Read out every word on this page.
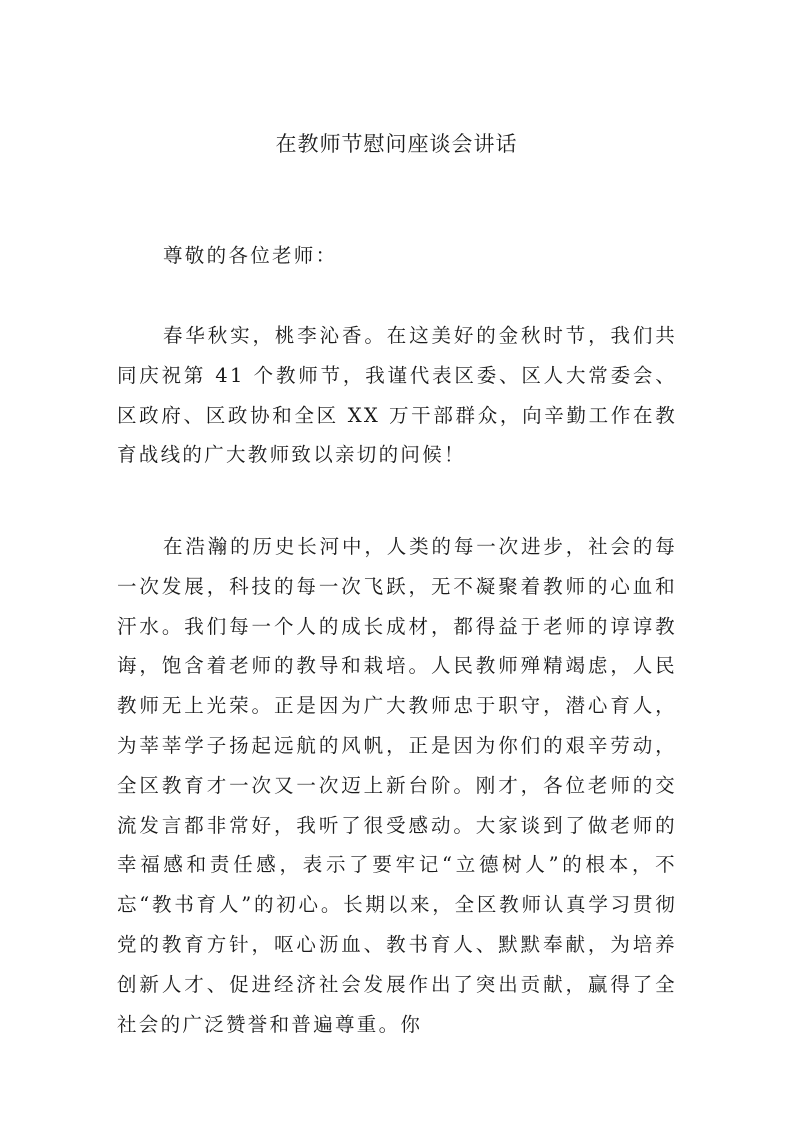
在教师节慰问座谈会讲话

尊敬的各位老师：

春华秋实，桃李沁香。在这美好的金秋时节，我们共同庆祝第 41 个教师节，我谨代表区委、区人大常委会、区政府、区政协和全区 XX 万干部群众，向辛勤工作在教育战线的广大教师致以亲切的问候！

在浩瀚的历史长河中，人类的每一次进步，社会的每一次发展，科技的每一次飞跃，无不凝聚着教师的心血和汗水。我们每一个人的成长成材，都得益于老师的谆谆教诲，饱含着老师的教导和栽培。人民教师殚精竭虑，人民教师无上光荣。正是因为广大教师忠于职守，潜心育人，为莘莘学子扬起远航的风帆，正是因为你们的艰辛劳动，全区教育才一次又一次迈上新台阶。刚才，各位老师的交流发言都非常好，我听了很受感动。大家谈到了做老师的幸福感和责任感，表示了要牢记“立德树人”的根本，不忘“教书育人”的初心。长期以来，全区教师认真学习贯彻党的教育方针，呕心沥血、教书育人、默默奉献，为培养创新人才、促进经济社会发展作出了突出贡献，赢得了全社会的广泛赞誉和普遍尊重。你
